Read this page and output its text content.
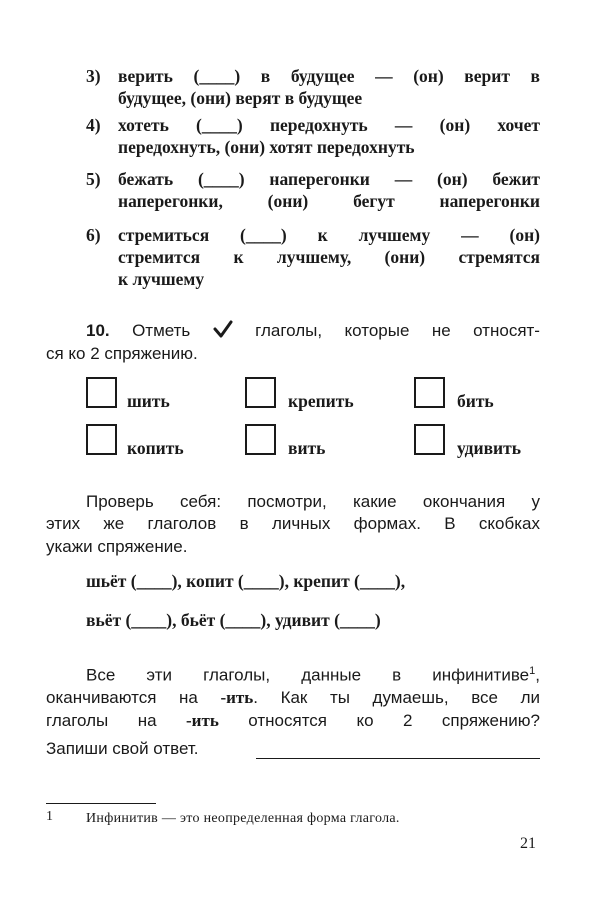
3) верить (____) в будущее — (он) верит в
будущее, (они) верят в будущее
4) хотеть (____) передохнуть — (он) хочет
передохнуть, (они) хотят передохнуть
5) бежать (____) наперегонки — (он) бежит
наперегонки, (они) бегут наперегонки
6) стремиться (____) к лучшему — (он)
стремится к лучшему, (они) стремятся
к лучшему
10. Отметь	глаголы, которые не относят-
ся ко 2 спряжению.
шить	крепить	бить
копить	вить	удивить
Проверь себя: посмотри, какие окончания у
этих же глаголов в личных формах. В скобках
укажи спряжение.
шьёт (____), копит (____), крепит (____),
вьёт (____), бьёт (____), удивит (____)
Все эти глаголы, данные в инфинитиве$^1$,
оканчиваются на -ить. Как ты думаешь, все ли
глаголы на -ить относятся ко 2 спряжению?
Запиши свой ответ.
1 Инфинитив — это неопределенная форма глагола.
21
